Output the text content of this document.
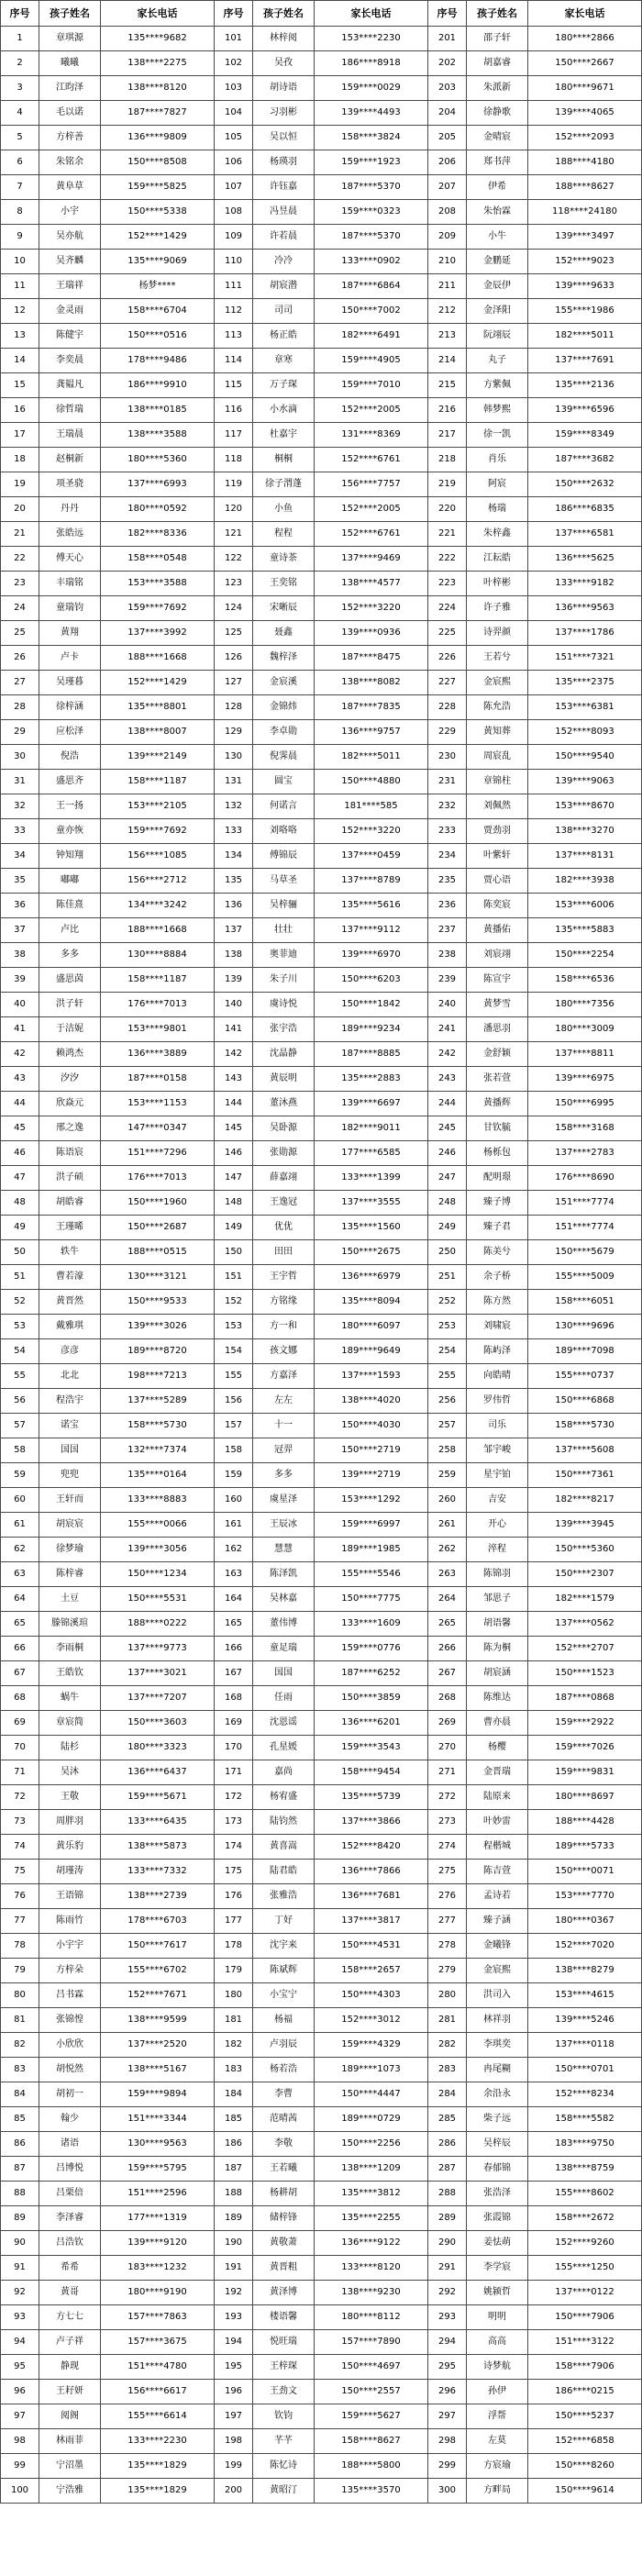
序号	孩子姓名	家长电话	序号	孩子姓名	家长电话	序号	孩子姓名	家长电话
1	章琪源	135****9682	101	林梓阅	153****2230	201	邵子轩	180****2866
2	曦曦	138****2275	102	吴孜	186****8918	202	胡嘉睿	150****2667
3	江昀泽	138****8120	103	胡诗语	159****0029	203	朱派新	180****9671
4	毛以诺	187****7827	104	习羽彬	139****4493	204	徐静歌	139****4065
5	方梓善	136****9809	105	吴以恒	158****3824	205	金晴宸	152****2093
6	朱铭余	150****8508	106	杨瑛羽	159****1923	206	郑书萍	188****4180
7	黄阜草	159****5825	107	许钰嘉	187****5370	207	伊希	188****8627
8	小宇	150****5338	108	冯昱晨	159****0323	208	朱怡霖	118****24180
9	吴亦航	152****1429	109	许若晨	187****5370	209	小牛	139****3497
10	吴齐麟	135****9069	110	冷冷	133****0902	210	金鹏延	152****9023
11	王瑞祥	杨梦****	111	胡宸潜	187****6864	211	金辰伊	139****9633
12	金灵雨	158****6704	112	司司	150****7002	212	金泽阳	155****1986
13	陈健宇	150****0516	113	杨正皓	182****6491	213	阮翊辰	182****5011
14	李奕晨	178****9486	114	章寒	159****4905	214	丸子	137****7691
15	龚韫凡	186****9910	115	万子琛	159****7010	215	方紫佩	135****2136
16	徐哲瑞	138****0185	116	小水滴	152****2005	216	韩梦熙	139****6596
17	王瑞晨	138****3588	117	杜嘉宇	131****8369	217	徐一凯	159****8349
18	赵桐新	180****5360	118	桐桐	152****6761	218	肖乐	187****3682
19	项圣骁	137****6993	119	徐子渭蓬	156****7757	219	阿宸	150****2632
20	丹丹	180****0592	120	小鱼	152****2005	220	杨瑞	186****6835
21	张皓远	182****8336	121	程程	152****6761	221	朱梓鑫	137****6581
22	傅天心	158****0548	122	童诗茶	137****9469	222	江耘皓	136****5625
23	丰瑞铭	153****3588	123	王奕铭	138****4577	223	叶梓彬	133****9182
24	童瑞钧	159****7692	124	宋晰辰	152****3220	224	许子雅	136****9563
25	黄翔	137****3992	125	聂鑫	139****0936	225	诗羿颜	137****1786
26	卢卡	188****1668	126	魏梓泽	187****8475	226	王若兮	151****7321
27	吴瑾暮	152****1429	127	金宸溪	138****8082	227	金宸熙	135****2375
28	徐梓涵	135****8801	128	金锦炜	187****7835	228	陈允浩	153****6381
29	应松泽	138****8007	129	李卓勋	136****9757	229	黄知葬	152****8093
30	倪浩	139****2149	130	倪霁晨	182****5011	230	周宸乱	150****9540
31	盛思齐	158****1187	131	圆宝	150****4880	231	章锦柱	139****9063
32	王一扬	153****2105	132	何诺言	181****585	232	刘佩然	153****8670
33	童亦恢	159****7692	133	刘咯咯	152****3220	233	贾劲羽	138****3270
34	钟知翔	156****1085	134	傅锦辰	137****0459	234	叶紫轩	137****8131
35	嘟嘟	156****2712	135	马草圣	137****8789	235	贾心语	182****3938
36	陈佳熹	134****3242	136	吴梓骊	135****5616	236	陈奕宸	153****6006
37	卢比	188****1668	137	壮壮	137****9112	237	黄播佑	135****5883
38	多多	130****8884	138	奥菲迪	139****6970	238	刘宸翊	150****2254
39	盛思茵	158****1187	139	朱子川	150****6203	239	陈宣宇	158****6536
40	洪子轩	176****7013	140	虞诗悦	150****1842	240	黄梦雪	180****7356
41	于洁妮	153****9801	141	张宇浩	189****9234	241	潘思羽	180****3009
42	赖鸿杰	136****3889	142	沈晶静	187****8885	242	金舒颖	137****8811
43	汐汐	187****0158	143	黄辰明	135****2883	243	张若萱	139****6975
44	欣焱元	153****1153	144	董沐燕	139****6697	244	黄播辉	150****6995
45	邢之逸	147****0347	145	吴卧源	182****9011	245	甘钦毓	158****3168
46	陈语宸	151****7296	146	张勋源	177****6585	246	杨栎包	137****2783
47	洪子硕	176****7013	147	薛嘉翊	133****1399	247	配明璟	176****8690
48	胡皓睿	150****1960	148	王逸冠	137****3555	248	臻子博	151****7774
49	王瑾晞	150****2687	149	优优	135****1560	249	臻子君	151****7774
50	轶牛	188****0515	150	田田	150****2675	250	陈美兮	150****5679
51	曹若濠	130****3121	151	王宇哲	136****6979	251	余子桥	155****5009
52	黄晋然	150****9533	152	方铭缘	135****8094	252	陈方然	158****6051
53	戴雅琪	139****3026	153	方一和	180****6097	253	刘啸宸	130****9696
54	彦彦	189****8720	154	孩文娜	189****9649	254	陈屿泽	189****7098
55	北北	198****7213	155	方嘉泽	137****1593	255	向皓晴	155****0737
56	程浩宇	137****5289	156	左左	138****4020	256	罗伟哲	150****6868
57	诺宝	158****5730	157	十一	150****4030	257	司乐	158****5730
58	国国	132****7374	158	冠羿	150****2719	258	邹宇峻	137****5608
59	兜兜	135****0164	159	多多	139****2719	259	星宇铂	150****7361
60	王轩而	133****8883	160	虞星泽	153****1292	260	吉安	182****8217
61	胡宸宸	155****0066	161	王辰冰	159****6997	261	开心	139****3945
62	徐梦瑜	139****3056	162	慧慧	189****1985	262	淬程	150****5360
63	陈梓睿	150****1234	163	陈泽凯	155****5546	263	陈锦羽	150****2307
64	土豆	150****5531	164	吴林嘉	150****7775	264	邹思子	182****1579
65	滕锦溪瑄	188****0222	165	董伟博	133****1609	265	胡语馨	137****0562
66	李雨桐	137****9773	166	童足瑞	159****0776	266	陈为桐	152****2707
67	王皓钦	137****3021	167	国国	187****6252	267	胡宸涵	150****1523
68	蜗牛	137****7207	168	任雨	150****3859	268	陈维达	187****0868
69	章宸简	150****3603	169	沈恩谣	136****6201	269	曹亦晨	159****2922
70	陆杉	180****3323	170	孔星媛	159****3543	270	杨樱	159****7026
71	吴沐	136****6437	171	嘉尚	158****9454	271	金晋瑞	159****9831
72	王敬	159****5671	172	杨宥盛	135****5739	272	陆原来	180****8697
73	周胖羽	133****6435	173	陆钧然	137****3866	273	叶妙雷	188****4428
74	黄乐豹	138****5873	174	黄喜嵩	152****8420	274	程楷城	189****5733
75	胡瑾涛	133****7332	175	陆君皓	136****7866	275	陈吉萱	150****0071
76	王语锦	138****2739	176	张雅浩	136****7681	276	孟诗若	153****7770
77	陈雨竹	178****6703	177	丁好	137****3817	277	臻子涵	180****0367
78	小宇宇	150****7617	178	沈宇来	150****4531	278	金曦锋	152****7020
79	方梓朵	155****6702	179	陈斌辉	158****2657	279	金宸熙	138****8279
80	吕书霖	152****7671	180	小宝宁	150****4303	280	洪司入	153****4615
81	张锦惶	138****9599	181	杨福	152****3012	281	林祥羽	139****5246
82	小欣欣	137****2520	182	卢羽辰	159****4329	282	李琪奕	137****0118
83	胡悦然	138****5167	183	杨若浩	189****1073	283	冉尾糊	150****0701
84	胡初一	159****9894	184	李曹	150****4447	284	余沿永	152****8234
85	翰少	151****3344	185	范晴茜	189****0729	285	柴子远	158****5582
86	诸语	130****9563	186	李敬	150****2256	286	吴梓辰	183****9750
87	吕博悦	159****5795	187	王若曦	138****1209	287	春郁锦	138****8759
88	吕栗倍	151****2596	188	杨耕胡	135****3812	288	张浩泽	155****8602
89	李泽睿	177****1319	189	储梓锋	135****2255	289	张霞锦	158****2672
90	吕浩钦	139****9120	190	黄敬萧	136****9122	290	姜怯萌	152****9260
91	希希	183****1232	191	黄晋粗	133****8120	291	李学宸	155****1250
92	黄哥	180****9190	192	黄泽博	138****9230	292	姚颍哲	137****0122
93	方七七	157****7863	193	楼语馨	180****8112	293	明明	150****7906
94	卢子祥	157****3675	194	悦旺瑞	157****7890	294	高高	151****3122
95	静现	151****4780	195	王梓琛	150****4697	295	诗梦航	158****7906
96	王耔妍	156****6617	196	王劲文	150****2557	296	孙伊	186****0215
97	阅阁	155****6614	197	钦钧	159****5627	297	浮帮	150****5237
98	林雨菲	133****2230	198	芊芊	158****8627	298	左莫	152****6858
99	宁沼墨	135****1829	199	陈忆诗	188****5800	299	方宸瑜	150****8260
100	宁浩雅	135****1829	200	黄昭汀	135****3570	300	方畔局	150****9614
